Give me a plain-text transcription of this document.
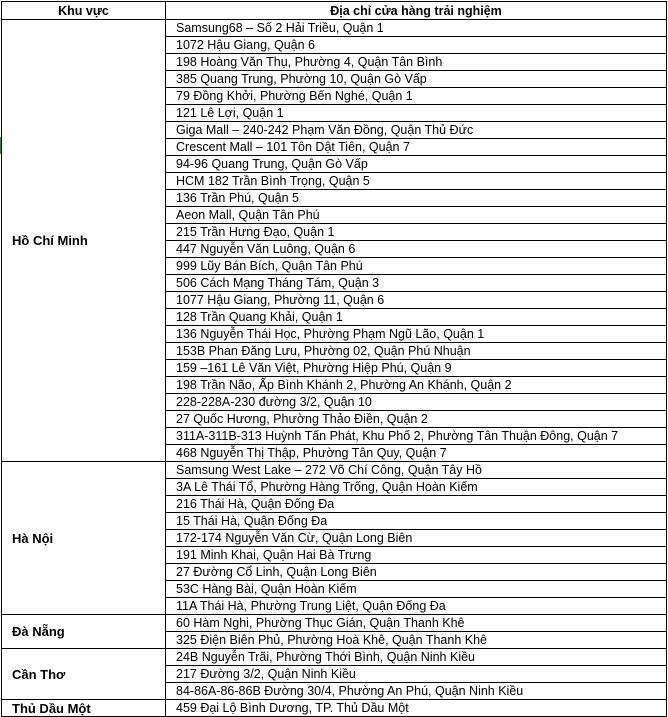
Khu vực	Địa chỉ cửa hàng trải nghiệm
Hồ Chí Minh	Samsung68 – Số 2 Hải Triều, Quận 1
	1072 Hậu Giang, Quận 6
	198 Hoàng Văn Thụ, Phường 4, Quận Tân Bình
	385 Quang Trung, Phường 10, Quận Gò Vấp
	79 Đồng Khởi, Phường Bến Nghé, Quận 1
	121 Lê Lợi, Quận 1
	Giga Mall – 240-242 Phạm Văn Đồng, Quận Thủ Đức
	Crescent Mall – 101 Tôn Dật Tiên, Quận 7
	94-96 Quang Trung, Quận Gò Vấp
	HCM 182 Trần Bình Trọng, Quận 5
	136 Trần Phú, Quận 5
	Aeon Mall, Quận Tân Phú
	215 Trần Hưng Đạo, Quận 1
	447 Nguyễn Văn Luông, Quận 6
	999 Lũy Bán Bích, Quận Tân Phú
	506 Cách Mạng Tháng Tám, Quận 3
	1077 Hậu Giang, Phường 11, Quận 6
	128 Trần Quang Khải, Quận 1
	136 Nguyễn Thái Học, Phường Phạm Ngũ Lão, Quận 1
	153B Phan Đăng Lưu, Phường 02, Quận Phú Nhuận
	159 –161 Lê Văn Việt, Phường Hiệp Phú, Quận 9
	198 Trần Não, Ấp Bình Khánh 2, Phường An Khánh, Quận 2
	228-228A-230 đường 3/2, Quận 10
	27 Quốc Hương, Phường Thảo Điền, Quận 2
	311A-311B-313 Huỳnh Tấn Phát, Khu Phố 2, Phường Tân Thuận Đông, Quận 7
	468 Nguyễn Thị Thập, Phường Tân Quy, Quận 7
Hà Nội	Samsung West Lake – 272 Võ Chí Công, Quận Tây Hồ
	3A Lê Thái Tổ, Phường Hàng Trống, Quận Hoàn Kiếm
	216 Thái Hà, Quận Đống Đa
	15 Thái Hà, Quận Đống Đa
	172-174 Nguyễn Văn Cừ, Quận Long Biên
	191 Minh Khai, Quận Hai Bà Trưng
	27 Đường Cổ Linh, Quận Long Biên
	53C Hàng Bài, Quận Hoàn Kiếm
	11A Thái Hà, Phường Trung Liệt, Quận Đống Đa
Đà Nẵng	60 Hàm Nghi, Phường Thục Gián, Quận Thanh Khê
	325 Điện Biên Phủ, Phường Hoà Khê, Quận Thanh Khê
Cần Thơ	24B Nguyễn Trãi, Phường Thới Bình, Quận Ninh Kiều
	217 Đường 3/2, Quận Ninh Kiều
	84-86A-86-86B Đường 30/4, Phường An Phú, Quận Ninh Kiều
Thủ Dầu Một	459 Đại Lộ Bình Dương, TP. Thủ Dầu Một
